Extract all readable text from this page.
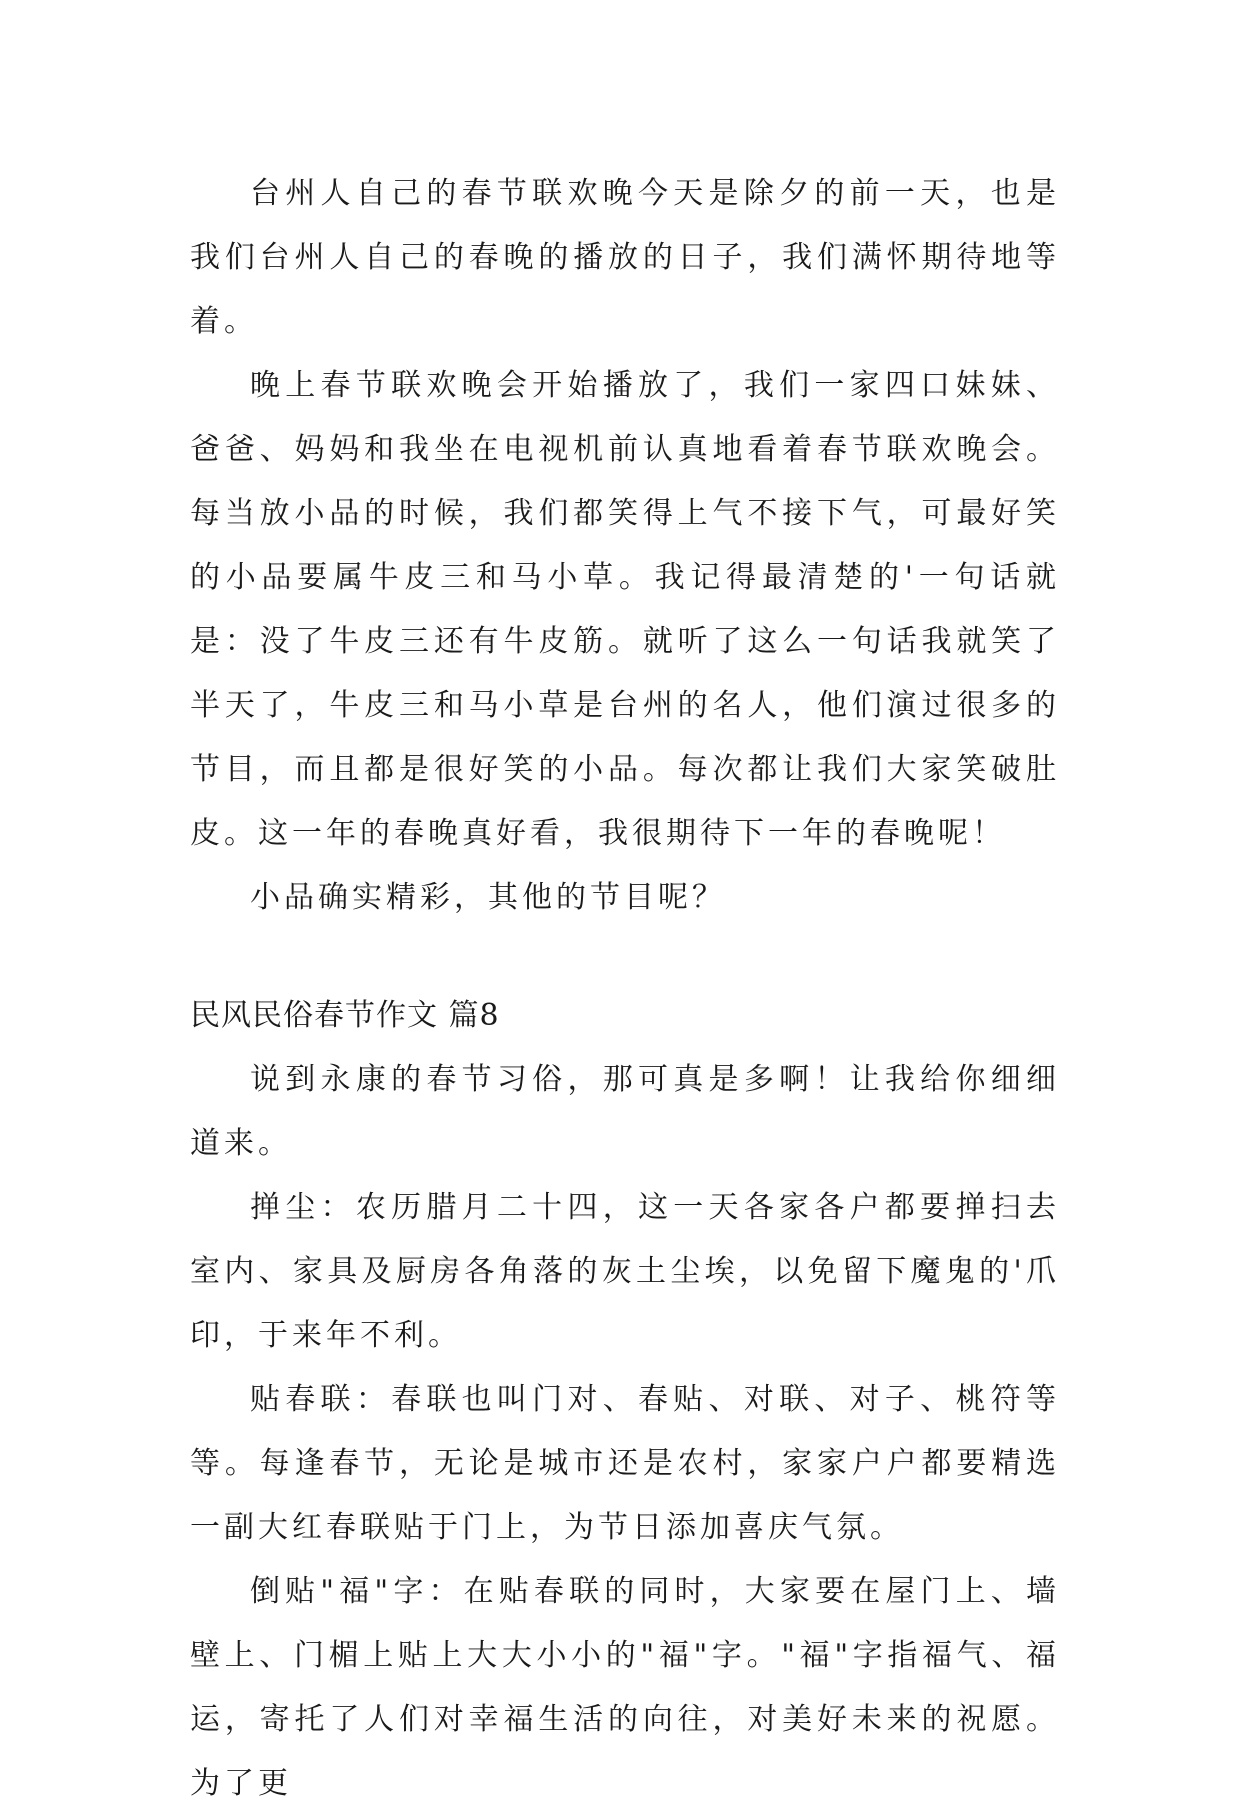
台州人自己的春节联欢晚今天是除夕的前一天，也是我们台州人自己的春晚的播放的日子，我们满怀期待地等着。

晚上春节联欢晚会开始播放了，我们一家四口妹妹、爸爸、妈妈和我坐在电视机前认真地看着春节联欢晚会。每当放小品的时候，我们都笑得上气不接下气，可最好笑的小品要属牛皮三和马小草。我记得最清楚的'一句话就是：没了牛皮三还有牛皮筋。就听了这么一句话我就笑了半天了，牛皮三和马小草是台州的名人，他们演过很多的节目，而且都是很好笑的小品。每次都让我们大家笑破肚皮。这一年的春晚真好看，我很期待下一年的春晚呢！

小品确实精彩，其他的节目呢？

民风民俗春节作文 篇8

说到永康的春节习俗，那可真是多啊！让我给你细细道来。

掸尘：农历腊月二十四，这一天各家各户都要掸扫去室内、家具及厨房各角落的灰土尘埃，以免留下魔鬼的'爪印，于来年不利。

贴春联：春联也叫门对、春贴、对联、对子、桃符等等。每逢春节，无论是城市还是农村，家家户户都要精选一副大红春联贴于门上，为节日添加喜庆气氛。

倒贴"福"字：在贴春联的同时，大家要在屋门上、墙壁上、门楣上贴上大大小小的"福"字。"福"字指福气、福运，寄托了人们对幸福生活的向往，对美好未来的祝愿。为了更
